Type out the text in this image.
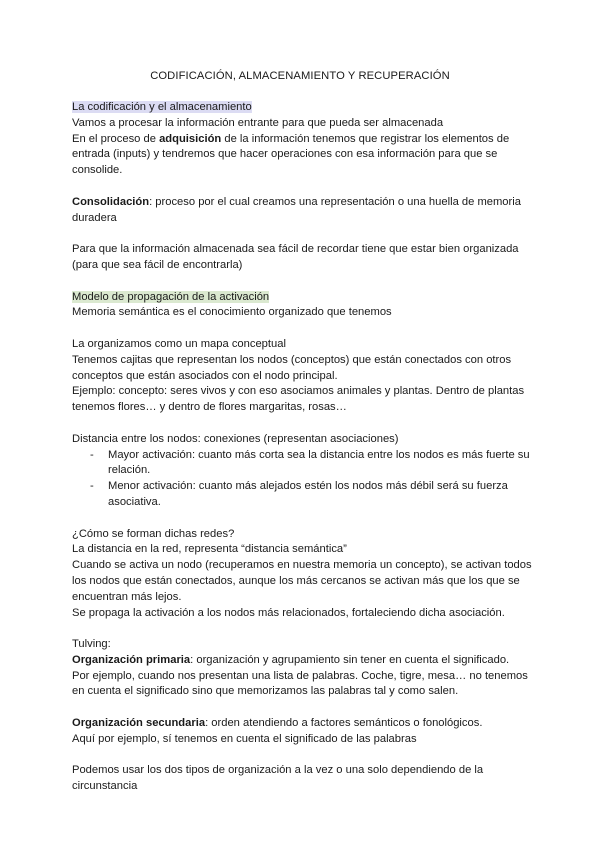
CODIFICACIÓN, ALMACENAMIENTO Y RECUPERACIÓN

La codificación y el almacenamiento

Vamos a procesar la información entrante para que pueda ser almacenada

En el proceso de adquisición de la información tenemos que registrar los elementos de entrada (inputs) y tendremos que hacer operaciones con esa información para que se consolide.

Consolidación: proceso por el cual creamos una representación o una huella de memoria duradera

Para que la información almacenada sea fácil de recordar tiene que estar bien organizada (para que sea fácil de encontrarla)

Modelo de propagación de la activación

Memoria semántica es el conocimiento organizado que tenemos

La organizamos como un mapa conceptual

Tenemos cajitas que representan los nodos (conceptos) que están conectados con otros conceptos que están asociados con el nodo principal.

Ejemplo: concepto: seres vivos y con eso asociamos animales y plantas. Dentro de plantas tenemos flores… y dentro de flores margaritas, rosas…

Distancia entre los nodos: conexiones (representan asociaciones)

- Mayor activación: cuanto más corta sea la distancia entre los nodos es más fuerte su relación.
- Menor activación: cuanto más alejados estén los nodos más débil será su fuerza asociativa.

¿Cómo se forman dichas redes?

La distancia en la red, representa “distancia semántica”

Cuando se activa un nodo (recuperamos en nuestra memoria un concepto), se activan todos los nodos que están conectados, aunque los más cercanos se activan más que los que se encuentran más lejos.

Se propaga la activación a los nodos más relacionados, fortaleciendo dicha asociación.

Tulving:

Organización primaria: organización y agrupamiento sin tener en cuenta el significado.

Por ejemplo, cuando nos presentan una lista de palabras. Coche, tigre, mesa… no tenemos en cuenta el significado sino que memorizamos las palabras tal y como salen.

Organización secundaria: orden atendiendo a factores semánticos o fonológicos.

Aquí por ejemplo, sí tenemos en cuenta el significado de las palabras

Podemos usar los dos tipos de organización a la vez o una solo dependiendo de la circunstancia
